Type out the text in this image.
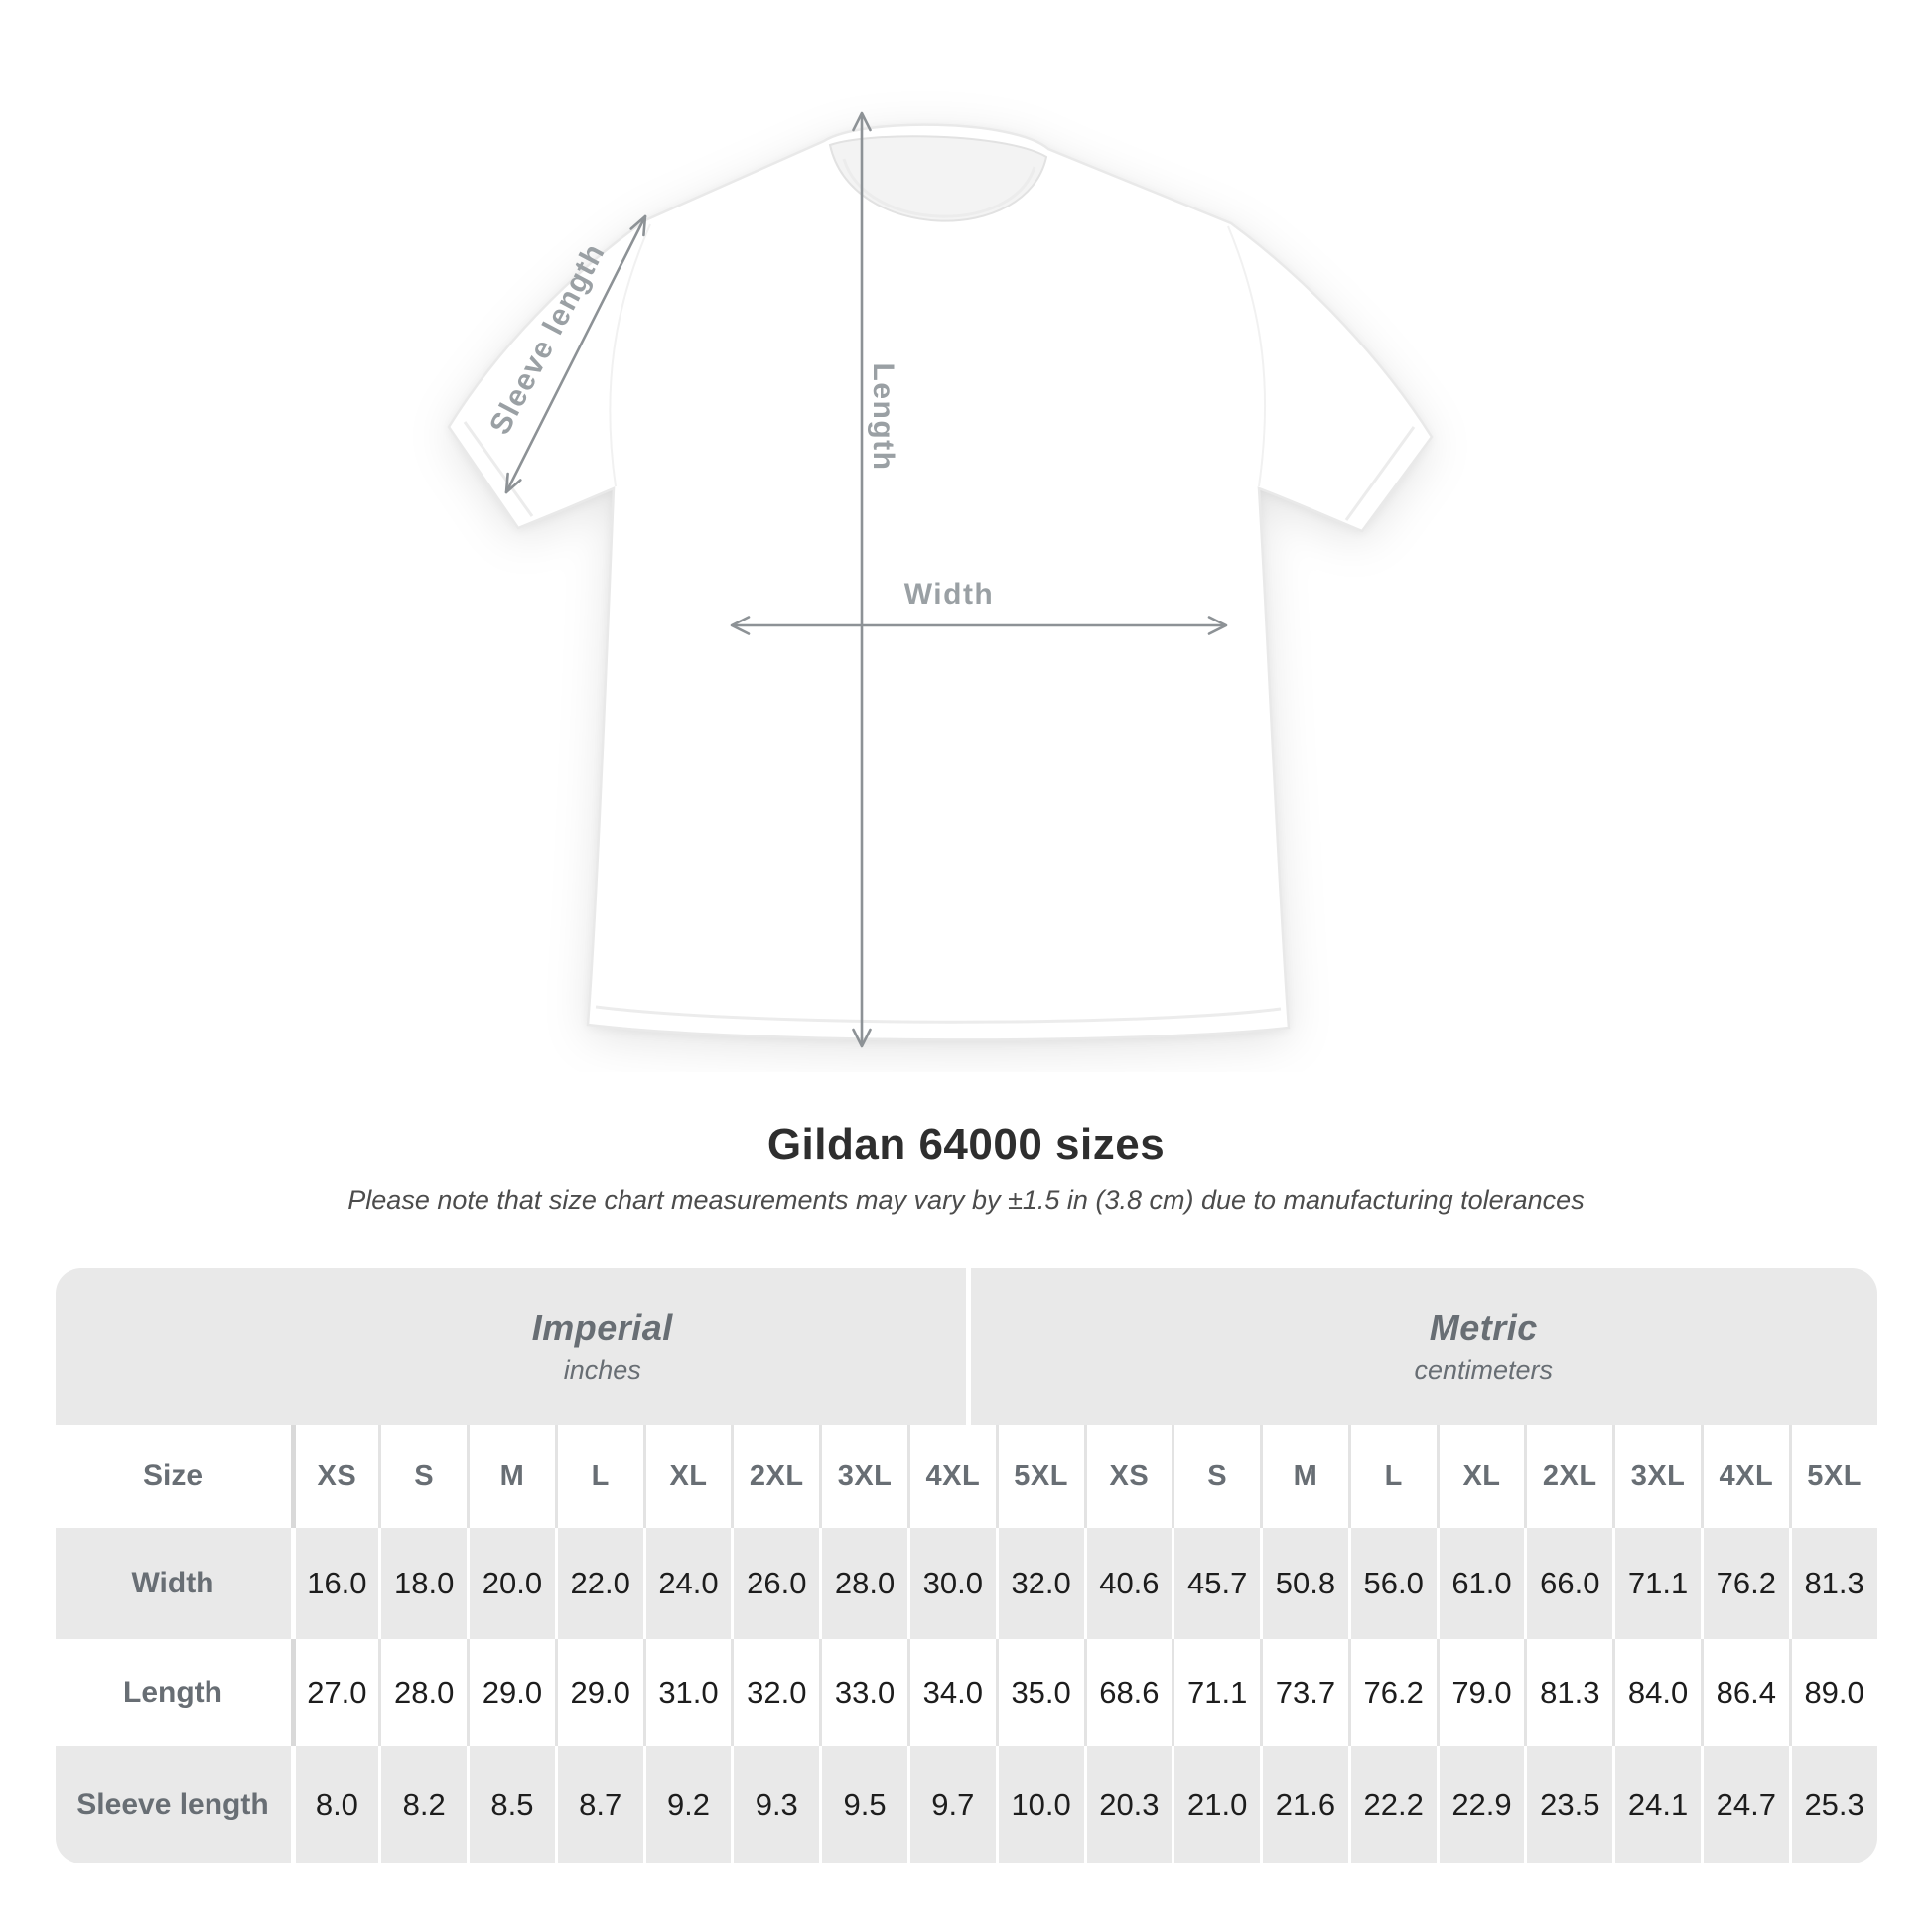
Length
Width
Sleeve length
Gildan 64000 sizes

Please note that size chart measurements may vary by ±1.5 in (3.8 cm) due to manufacturing tolerances

Imperial
inches
Metric
centimeters
Size	XS	S	M	L	XL	2XL	3XL	4XL	5XL	XS	S	M	L	XL	2XL	3XL	4XL	5XL
Width	16.0 18.0 20.0 22.0 24.0 26.0 28.0 30.0 32.0 40.6 45.7 50.8 56.0 61.0 66.0 71.1 76.2 81.3
Length	27.0 28.0 29.0 29.0 31.0 32.0 33.0 34.0 35.0 68.6 71.1 73.7 76.2 79.0 81.3 84.0 86.4 89.0
Sleeve length	8.0	8.2	8.5	8.7	9.2	9.3	9.5	9.7	10.0 20.3 21.0 21.6 22.2 22.9 23.5 24.1 24.7 25.3
